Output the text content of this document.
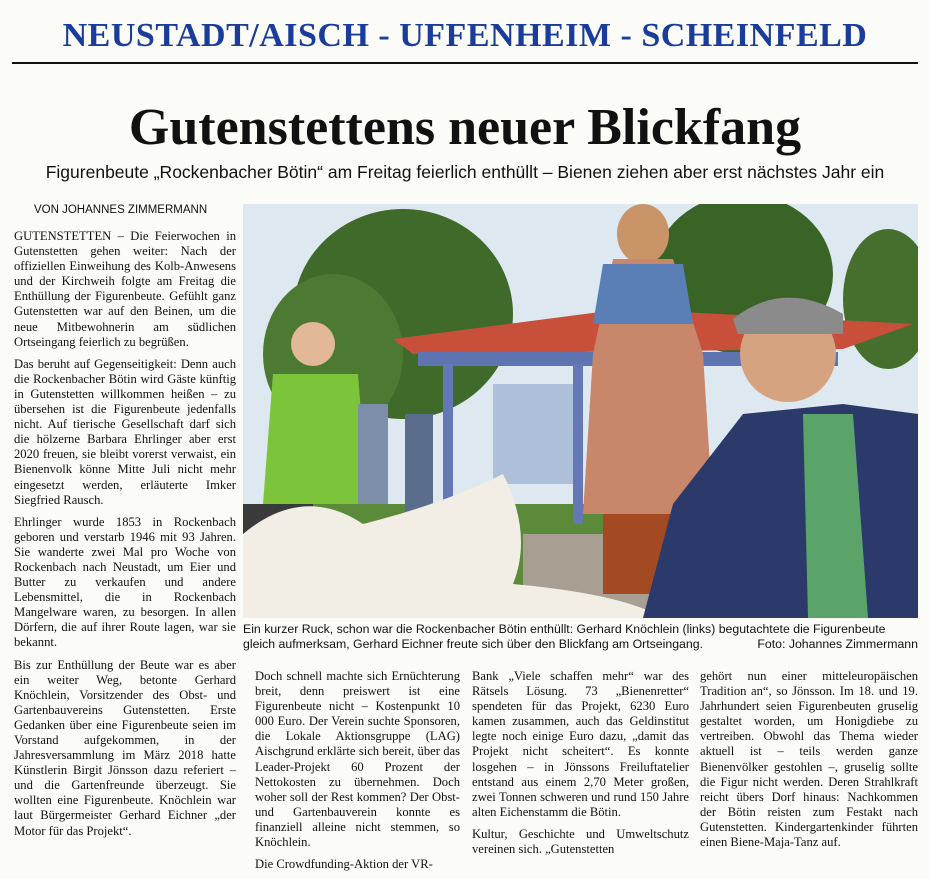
NEUSTADT/AISCH - UFFENHEIM - SCHEINFELD
Gutenstettens neuer Blickfang
Figurenbeute „Rockenbacher Bötin“ am Freitag feierlich enthüllt – Bienen ziehen aber erst nächstes Jahr ein
VON JOHANNES ZIMMERMANN

GUTENSTETTEN – Die Feierwochen in Gutenstetten gehen weiter: Nach der offiziellen Einweihung des Kolb-Anwesens und der Kirchweih folgte am Freitag die Enthüllung der Figurenbeute. Gefühlt ganz Gutenstetten war auf den Beinen, um die neue Mitbewohnerin am südlichen Ortseingang feierlich zu begrüßen.

Das beruht auf Gegenseitigkeit: Denn auch die Rockenbacher Bötin wird Gäste künftig in Gutenstetten willkommen heißen – zu übersehen ist die Figurenbeute jedenfalls nicht. Auf tierische Gesellschaft darf sich die hölzerne Barbara Ehrlinger aber erst 2020 freuen, sie bleibt vorerst verwaist, ein Bienenvolk könne Mitte Juli nicht mehr eingesetzt werden, erläuterte Imker Siegfried Rausch.

Ehrlinger wurde 1853 in Rockenbach geboren und verstarb 1946 mit 93 Jahren. Sie wanderte zwei Mal pro Woche von Rockenbach nach Neustadt, um Eier und Butter zu verkaufen und andere Lebensmittel, die in Rockenbach Mangelware waren, zu besorgen. In allen Dörfern, die auf ihrer Route lagen, war sie bekannt.

Bis zur Enthüllung der Beute war es aber ein weiter Weg, betonte Gerhard Knöchlein, Vorsitzender des Obst- und Gartenbauvereins Gutenstetten. Erste Gedanken über eine Figurenbeute seien im Vorstand aufgekommen, in der Jahresversammlung im März 2018 hatte Künstlerin Birgit Jönsson dazu referiert – und die Gartenfreunde überzeugt. Sie wollten eine Figurenbeute. Knöchlein war laut Bürgermeister Gerhard Eichner „der Motor für das Projekt“.

Ein kurzer Ruck, schon war die Rockenbacher Bötin enthüllt: Gerhard Knöchlein (links) begutachtete die Figurenbeute gleich aufmerksam, Gerhard Eichner freute sich über den Blickfang am Ortseingang.	Foto: Johannes Zimmermann

Doch schnell machte sich Ernüchterung breit, denn preiswert ist eine Figurenbeute nicht – Kostenpunkt 10 000 Euro. Der Verein suchte Sponsoren, die Lokale Aktionsgruppe (LAG) Aischgrund erklärte sich bereit, über das Leader-Projekt 60 Prozent der Nettokosten zu übernehmen. Doch woher soll der Rest kommen? Der Obst- und Gartenbauverein konnte es finanziell alleine nicht stemmen, so Knöchlein.

Die Crowdfunding-Aktion der VR-

Bank „Viele schaffen mehr“ war des Rätsels Lösung. 73 „Bienenretter“ spendeten für das Projekt, 6230 Euro kamen zusammen, auch das Geldinstitut legte noch einige Euro dazu, „damit das Projekt nicht scheitert“. Es konnte losgehen – in Jönssons Freiluftatelier entstand aus einem 2,70 Meter großen, zwei Tonnen schweren und rund 150 Jahre alten Eichenstamm die Bötin.

Kultur, Geschichte und Umweltschutz vereinen sich. „Gutenstetten

gehört nun einer mitteleuropäischen Tradition an“, so Jönsson. Im 18. und 19. Jahrhundert seien Figurenbeuten gruselig gestaltet worden, um Honigdiebe zu vertreiben. Obwohl das Thema wieder aktuell ist – teils werden ganze Bienenvölker gestohlen –, gruselig sollte die Figur nicht werden. Deren Strahlkraft reicht übers Dorf hinaus: Nachkommen der Bötin reisten zum Festakt nach Gutenstetten. Kindergartenkinder führten einen Biene-Maja-Tanz auf.
